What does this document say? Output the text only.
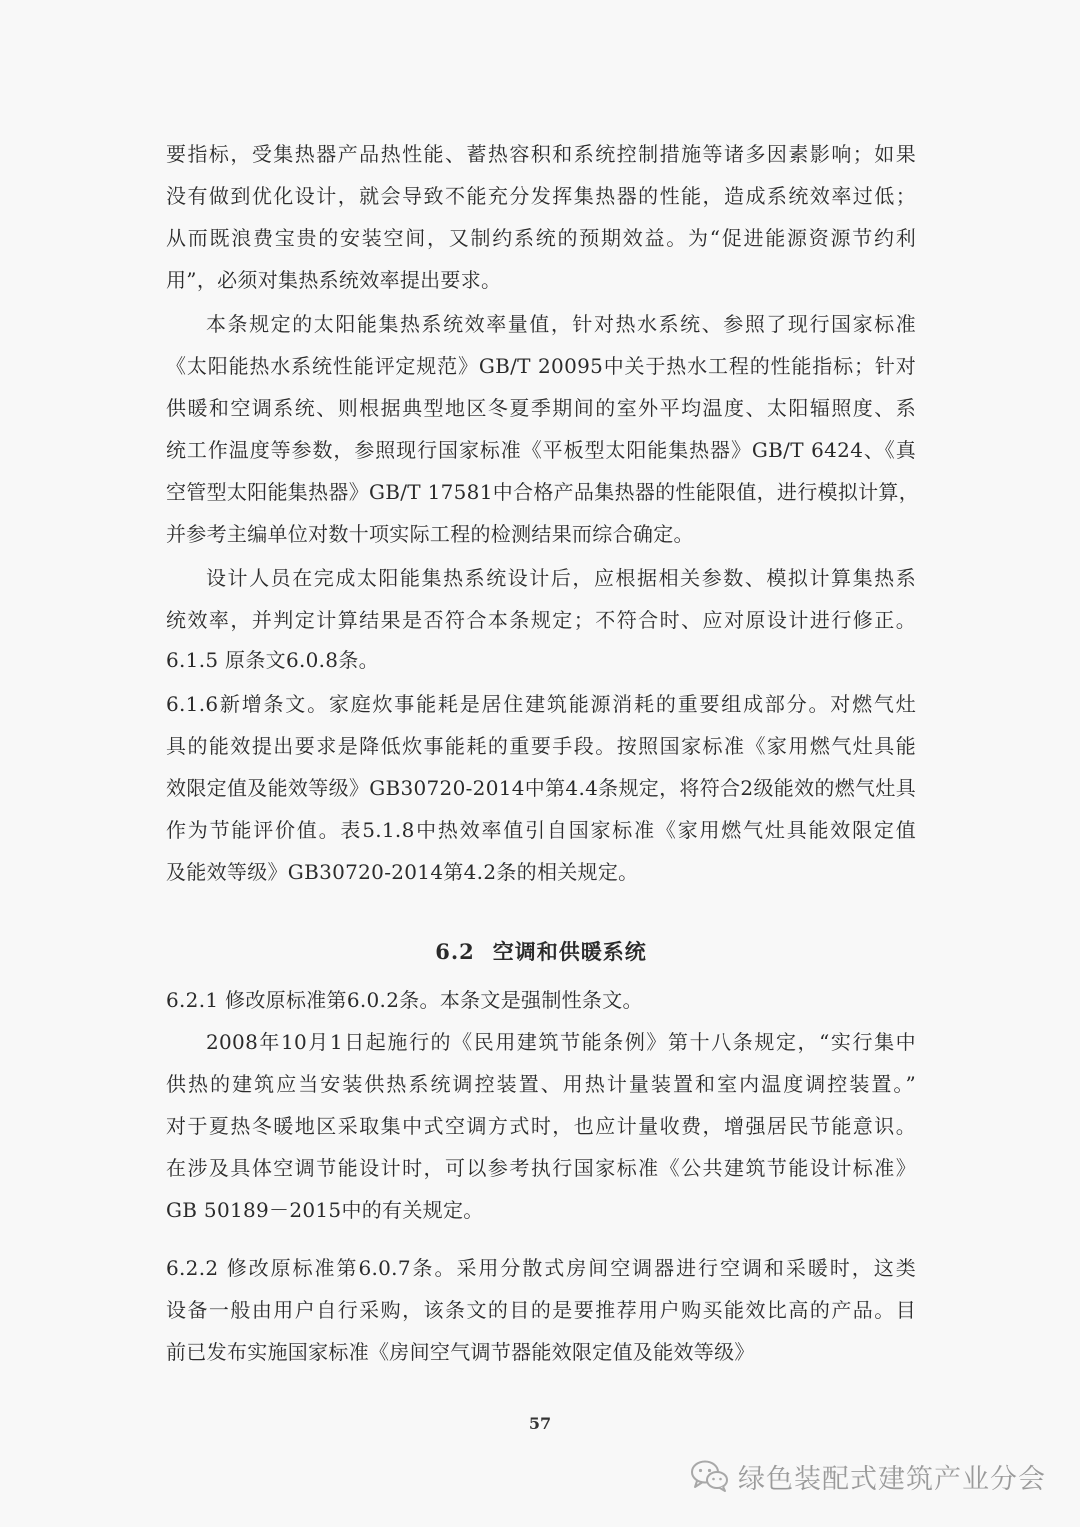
要指标，受集热器产品热性能、蓄热容积和系统控制措施等诸多因素影响；如果
没有做到优化设计，就会导致不能充分发挥集热器的性能，造成系统效率过低；
从而既浪费宝贵的安装空间，又制约系统的预期效益。为“促进能源资源节约利
用”，必须对集热系统效率提出要求。
本条规定的太阳能集热系统效率量值，针对热水系统、参照了现行国家标准
《太阳能热水系统性能评定规范》GB/T 20095中关于热水工程的性能指标；针对
供暖和空调系统、则根据典型地区冬夏季期间的室外平均温度、太阳辐照度、系
统工作温度等参数，参照现行国家标准《平板型太阳能集热器》GB/T 6424、《真
空管型太阳能集热器》GB/T 17581中合格产品集热器的性能限值，进行模拟计算，
并参考主编单位对数十项实际工程的检测结果而综合确定。
设计人员在完成太阳能集热系统设计后，应根据相关参数、模拟计算集热系
统效率，并判定计算结果是否符合本条规定；不符合时、应对原设计进行修正。
6.1.5 原条文6.0.8条。
6.1.6新增条文。家庭炊事能耗是居住建筑能源消耗的重要组成部分。对燃气灶
具的能效提出要求是降低炊事能耗的重要手段。按照国家标准《家用燃气灶具能
效限定值及能效等级》GB30720-2014中第4.4条规定，将符合2级能效的燃气灶具
作为节能评价值。表5.1.8中热效率值引自国家标准《家用燃气灶具能效限定值
及能效等级》GB30720-2014第4.2条的相关规定。
6.2 空调和供暖系统
6.2.1 修改原标准第6.0.2条。本条文是强制性条文。
2008年10月1日起施行的《民用建筑节能条例》第十八条规定，“实行集中
供热的建筑应当安装供热系统调控装置、用热计量装置和室内温度调控装置。”
对于夏热冬暖地区采取集中式空调方式时，也应计量收费，增强居民节能意识。
在涉及具体空调节能设计时，可以参考执行国家标准《公共建筑节能设计标准》
GB 50189－2015中的有关规定。
6.2.2 修改原标准第6.0.7条。采用分散式房间空调器进行空调和采暖时，这类
设备一般由用户自行采购，该条文的目的是要推荐用户购买能效比高的产品。目
前已发布实施国家标准《房间空气调节器能效限定值及能效等级》
57
绿色装配式建筑产业分会
